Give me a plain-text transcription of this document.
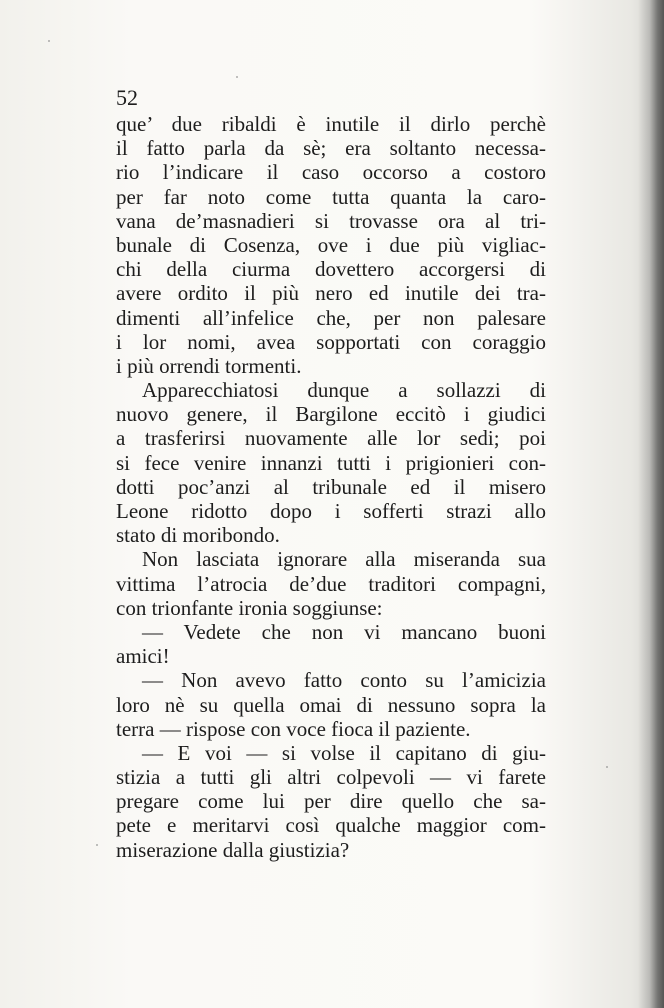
52
que’ due ribaldi è inutile il dirlo perchè
il fatto parla da sè; era soltanto necessa-
rio l’indicare il caso occorso a costoro
per far noto come tutta quanta la caro-
vana de’masnadieri si trovasse ora al tri-
bunale di Cosenza, ove i due più vigliac-
chi della ciurma dovettero accorgersi di
avere ordito il più nero ed inutile dei tra-
dimenti all’infelice che, per non palesare
i lor nomi, avea sopportati con coraggio
i più orrendi tormenti.
Apparecchiatosi dunque a sollazzi di
nuovo genere, il Bargilone eccitò i giudici
a trasferirsi nuovamente alle lor sedi; poi
si fece venire innanzi tutti i prigionieri con-
dotti poc’anzi al tribunale ed il misero
Leone ridotto dopo i sofferti strazi allo
stato di moribondo.
Non lasciata ignorare alla miseranda sua
vittima l’atrocia de’due traditori compagni,
con trionfante ironia soggiunse:
— Vedete che non vi mancano buoni
amici!
— Non avevo fatto conto su l’amicizia
loro nè su quella omai di nessuno sopra la
terra — rispose con voce fioca il paziente.
— E voi — si volse il capitano di giu-
stizia a tutti gli altri colpevoli — vi farete
pregare come lui per dire quello che sa-
pete e meritarvi così qualche maggior com-
miserazione dalla giustizia?
